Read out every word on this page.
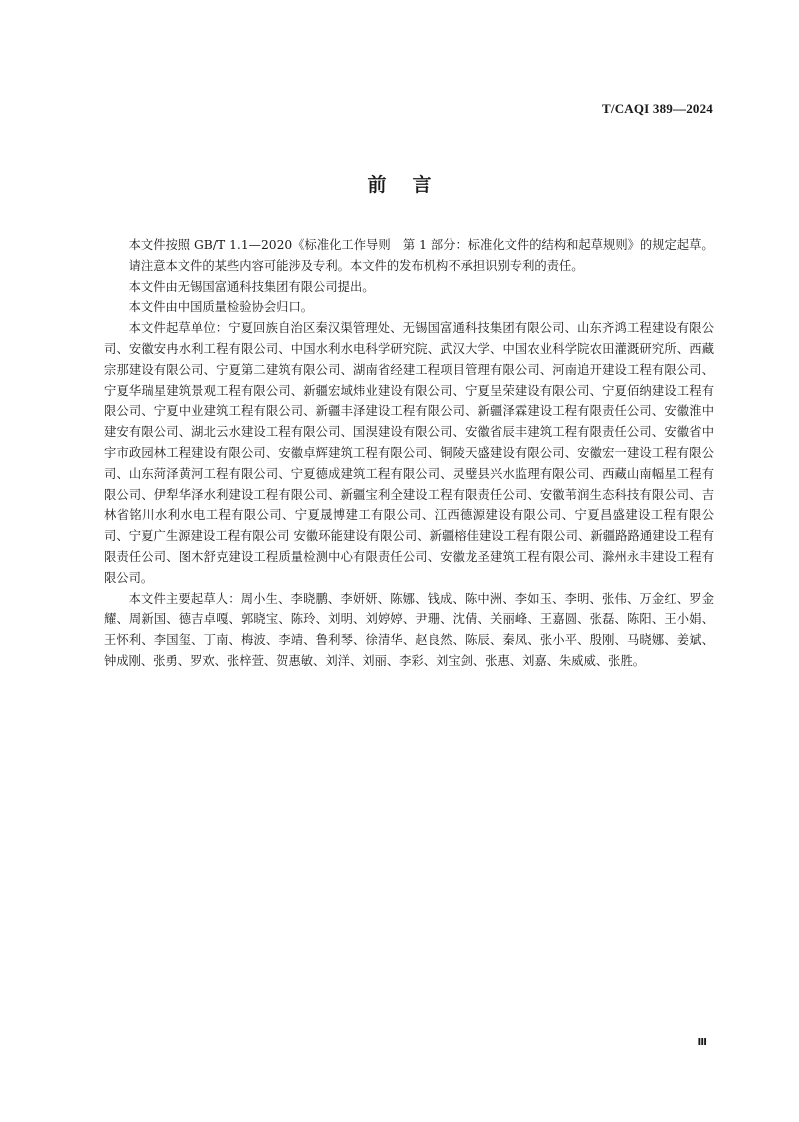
T/CAQI 389—2024
前言

本文件按照 GB/T 1.1—2020《标准化工作导则　第 1 部分：标准化文件的结构和起草规则》的规定起草。

请注意本文件的某些内容可能涉及专利。本文件的发布机构不承担识别专利的责任。

本文件由无锡国富通科技集团有限公司提出。

本文件由中国质量检验协会归口。

本文件起草单位：宁夏回族自治区秦汉渠管理处、无锡国富通科技集团有限公司、山东齐鸿工程建设有限公司、安徽安冉水利工程有限公司、中国水利水电科学研究院、武汉大学、中国农业科学院农田灌溉研究所、西藏宗那建设有限公司、宁夏第二建筑有限公司、湖南省经建工程项目管理有限公司、河南追开建设工程有限公司、宁夏华瑞星建筑景观工程有限公司、新疆宏域炜业建设有限公司、宁夏呈荣建设有限公司、宁夏佰纳建设工程有限公司、宁夏中业建筑工程有限公司、新疆丰泽建设工程有限公司、新疆泽霖建设工程有限责任公司、安徽淮中建安有限公司、湖北云水建设工程有限公司、国淏建设有限公司、安徽省辰丰建筑工程有限责任公司、安徽省中宇市政园林工程建设有限公司、安徽卓辉建筑工程有限公司、铜陵天盛建设有限公司、安徽宏一建设工程有限公司、山东菏泽黄河工程有限公司、宁夏德成建筑工程有限公司、灵璧县兴水监理有限公司、西藏山南幅星工程有限公司、伊犁华泽水利建设工程有限公司、新疆宝利全建设工程有限责任公司、安徽苇润生态科技有限公司、吉林省铭川水利水电工程有限公司、宁夏晟博建工有限公司、江西德源建设有限公司、宁夏昌盛建设工程有限公司、宁夏广生源建设工程有限公司 安徽环能建设有限公司、新疆榕佳建设工程有限公司、新疆路路通建设工程有限责任公司、图木舒克建设工程质量检测中心有限责任公司、安徽龙圣建筑工程有限公司、滁州永丰建设工程有限公司。

本文件主要起草人：周小生、李晓鹏、李妍妍、陈娜、钱成、陈中洲、李如玉、李明、张伟、万金红、罗金耀、周新国、德吉卓嘎、郭晓宝、陈玲、刘明、刘婷婷、尹珊、沈倩、关丽峰、王嘉圆、张磊、陈阳、王小娟、王怀利、李国玺、丁南、梅波、李靖、鲁利琴、徐清华、赵良然、陈辰、秦凤、张小平、殷刚、马晓娜、姜斌、钟成刚、张勇、罗欢、张梓萱、贺惠敏、刘洋、刘丽、李彩、刘宝剑、张惠、刘嘉、朱威威、张胜。

Ⅲ
